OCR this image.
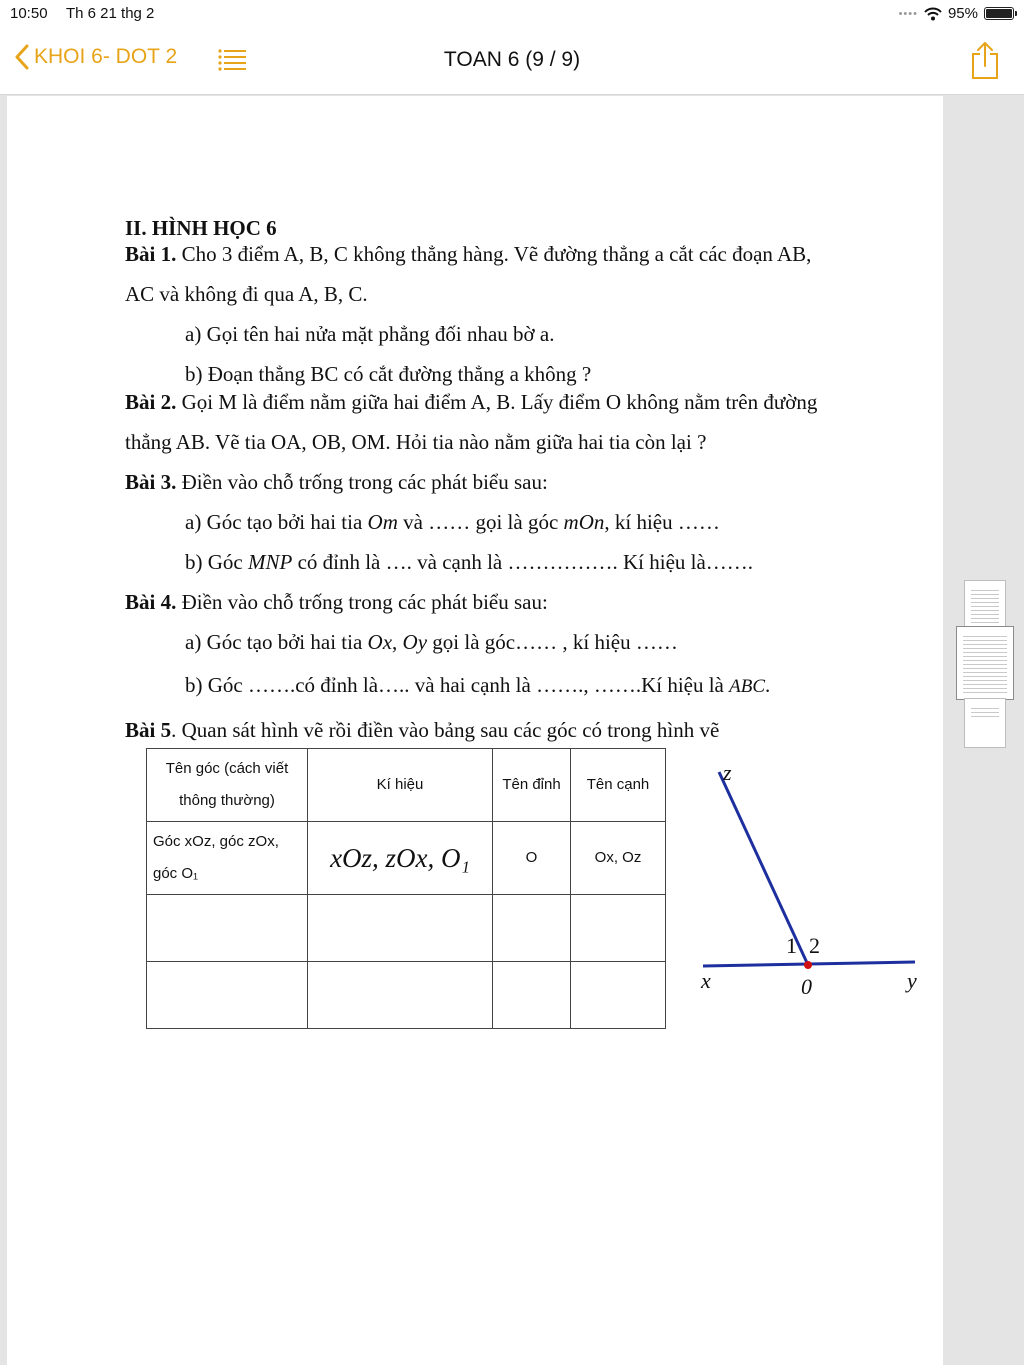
10:50 Th 6 21 thg 2	•••• 95%
KHOI 6- DOT 2	TOAN 6 (9 / 9)

II. HÌNH HỌC 6

Bài 1. Cho 3 điểm A, B, C không thẳng hàng. Vẽ đường thẳng a cắt các đoạn AB,

AC và không đi qua A, B, C.

a) Gọi tên hai nửa mặt phẳng đối nhau bờ a.

b) Đoạn thẳng BC có cắt đường thẳng a không ?

Bài 2. Gọi M là điểm nằm giữa hai điểm A, B. Lấy điểm O không nằm trên đường

thẳng AB. Vẽ tia OA, OB, OM. Hỏi tia nào nằm giữa hai tia còn lại ?

Bài 3. Điền vào chỗ trống trong các phát biểu sau:

a) Góc tạo bởi hai tia Om và …… gọi là góc mOn, kí hiệu ……

b) Góc MNP có đỉnh là …. và cạnh là ……………. Kí hiệu là…….

Bài 4. Điền vào chỗ trống trong các phát biểu sau:

a) Góc tạo bởi hai tia Ox, Oy gọi là góc…… , kí hiệu ……

b) Góc …….có đỉnh là….. và hai cạnh là ……., …….Kí hiệu là ABC.

Bài 5. Quan sát hình vẽ rồi điền vào bảng sau các góc có trong hình vẽ

Tên góc (cách viết thông thường)	Kí hiệu	Tên đỉnh	Tên cạnh
Góc xOz, góc zOx, góc O₁	xOz, zOx, O₁	O	Ox, Oz

z
x	y
0
1 2
